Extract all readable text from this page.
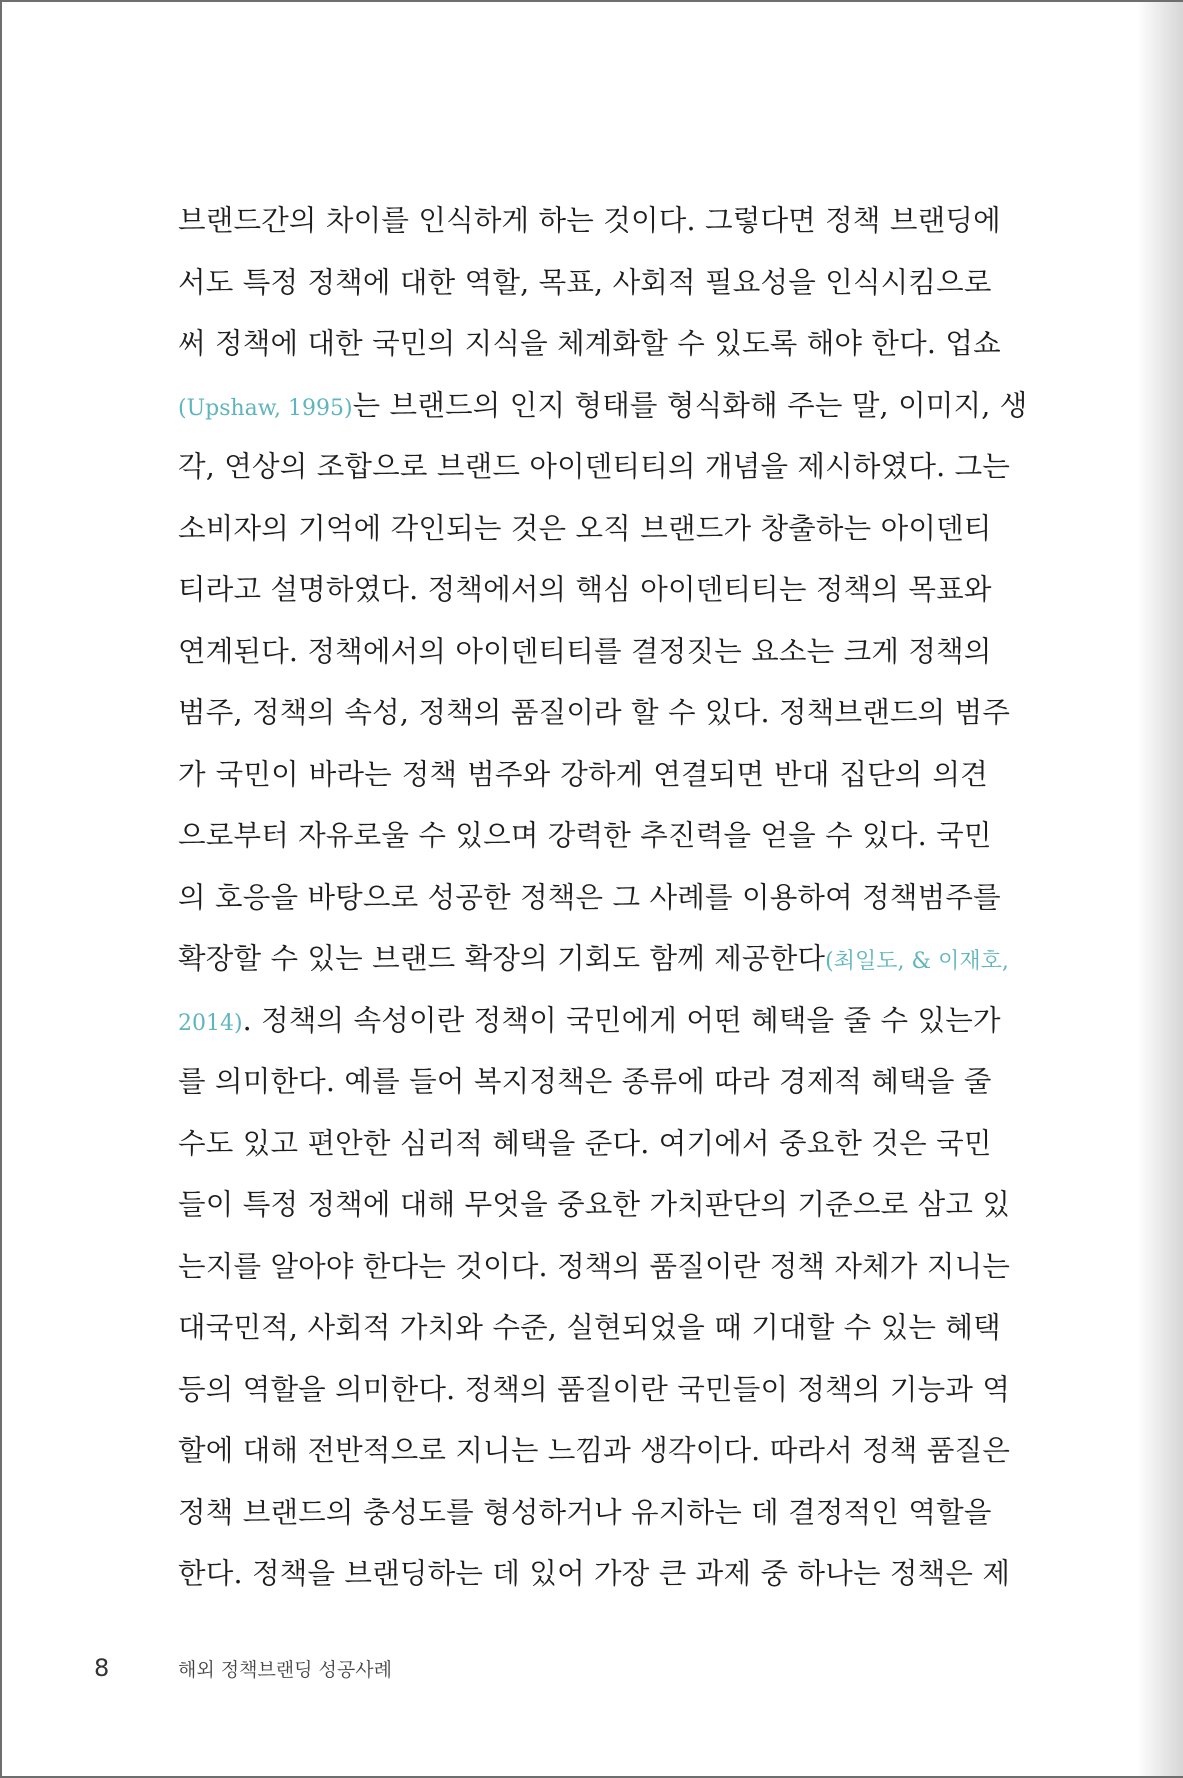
브랜드간의 차이를 인식하게 하는 것이다. 그렇다면 정책 브랜딩에
서도 특정 정책에 대한 역할, 목표, 사회적 필요성을 인식시킴으로
써 정책에 대한 국민의 지식을 체계화할 수 있도록 해야 한다. 업쇼
(Upshaw, 1995)는 브랜드의 인지 형태를 형식화해 주는 말, 이미지, 생
각, 연상의 조합으로 브랜드 아이덴티티의 개념을 제시하였다. 그는
소비자의 기억에 각인되는 것은 오직 브랜드가 창출하는 아이덴티
티라고 설명하였다. 정책에서의 핵심 아이덴티티는 정책의 목표와
연계된다. 정책에서의 아이덴티티를 결정짓는 요소는 크게 정책의
범주, 정책의 속성, 정책의 품질이라 할 수 있다. 정책브랜드의 범주
가 국민이 바라는 정책 범주와 강하게 연결되면 반대 집단의 의견
으로부터 자유로울 수 있으며 강력한 추진력을 얻을 수 있다. 국민
의 호응을 바탕으로 성공한 정책은 그 사례를 이용하여 정책범주를
확장할 수 있는 브랜드 확장의 기회도 함께 제공한다(최일도, & 이재호,
2014). 정책의 속성이란 정책이 국민에게 어떤 혜택을 줄 수 있는가
를 의미한다. 예를 들어 복지정책은 종류에 따라 경제적 혜택을 줄
수도 있고 편안한 심리적 혜택을 준다. 여기에서 중요한 것은 국민
들이 특정 정책에 대해 무엇을 중요한 가치판단의 기준으로 삼고 있
는지를 알아야 한다는 것이다. 정책의 품질이란 정책 자체가 지니는
대국민적, 사회적 가치와 수준, 실현되었을 때 기대할 수 있는 혜택
등의 역할을 의미한다. 정책의 품질이란 국민들이 정책의 기능과 역
할에 대해 전반적으로 지니는 느낌과 생각이다. 따라서 정책 품질은
정책 브랜드의 충성도를 형성하거나 유지하는 데 결정적인 역할을
한다. 정책을 브랜딩하는 데 있어 가장 큰 과제 중 하나는 정책은 제
8	해외 정책브랜딩 성공사례
